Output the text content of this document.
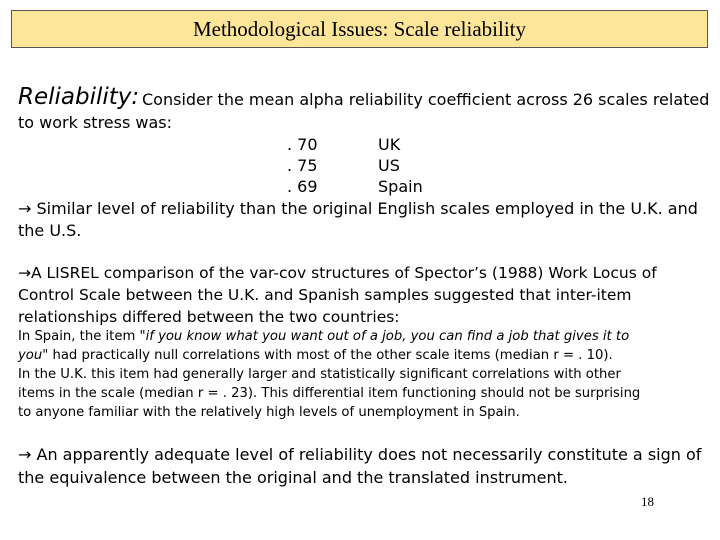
Methodological Issues: Scale reliability
Reliability: Consider the mean alpha reliability coefficient across 26 scales related
to work stress was:
. 70	UK
. 75	US
. 69	Spain
→ Similar level of reliability than the original English scales employed in the U.K. and
the U.S.
→A LISREL comparison of the var-cov structures of Spector’s (1988) Work Locus of
Control Scale between the U.K. and Spanish samples suggested that inter-item
relationships differed between the two countries:
In Spain, the item "if you know what you want out of a job, you can find a job that gives it to
you" had practically null correlations with most of the other scale items (median r = . 10).
In the U.K. this item had generally larger and statistically significant correlations with other
items in the scale (median r = . 23). This differential item functioning should not be surprising
to anyone familiar with the relatively high levels of unemployment in Spain.
→ An apparently adequate level of reliability does not necessarily constitute a sign of
the equivalence between the original and the translated instrument.
18
